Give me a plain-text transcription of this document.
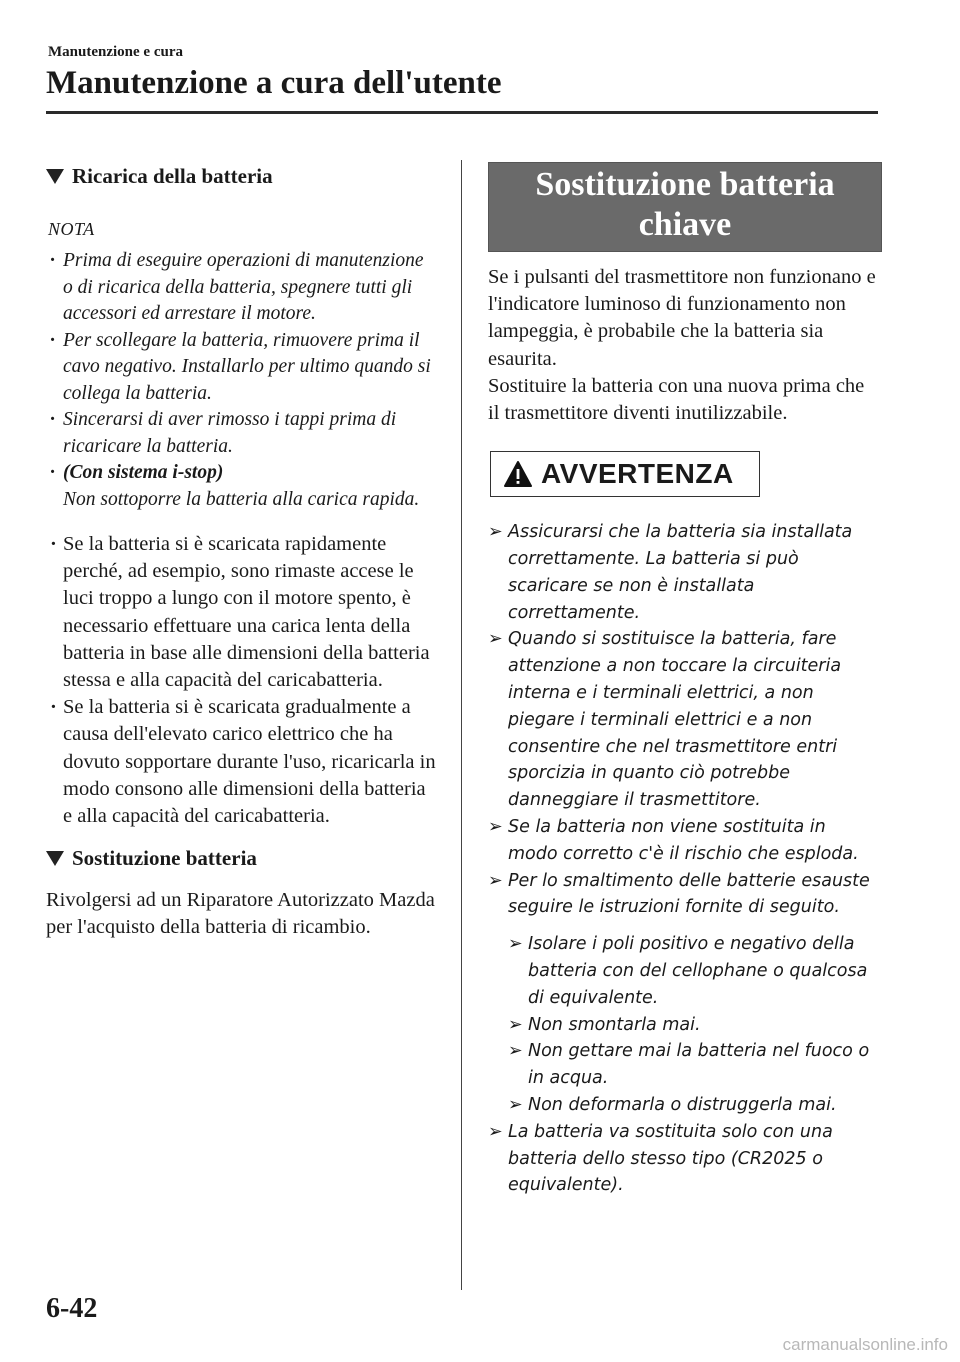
Manutenzione e cura
Manutenzione a cura dell'utente
Ricarica della batteria
NOTA
· Prima di eseguire operazioni di manutenzione o di ricarica della batteria, spegnere tutti gli accessori ed arrestare il motore.
· Per scollegare la batteria, rimuovere prima il cavo negativo. Installarlo per ultimo quando si collega la batteria.
· Sincerarsi di aver rimosso i tappi prima di ricaricare la batteria.
· (Con sistema i-stop)
Non sottoporre la batteria alla carica rapida.
· Se la batteria si è scaricata rapidamente perché, ad esempio, sono rimaste accese le luci troppo a lungo con il motore spento, è necessario effettuare una carica lenta della batteria in base alle dimensioni della batteria stessa e alla capacità del caricabatteria.
· Se la batteria si è scaricata gradualmente a causa dell'elevato carico elettrico che ha dovuto sopportare durante l'uso, ricaricarla in modo consono alle dimensioni della batteria e alla capacità del caricabatteria.
Sostituzione batteria

Rivolgersi ad un Riparatore Autorizzato Mazda per l'acquisto della batteria di ricambio.

Sostituzione batteria
chiave

Se i pulsanti del trasmettitore non funzionano e l'indicatore luminoso di funzionamento non lampeggia, è probabile che la batteria sia esaurita.

Sostituire la batteria con una nuova prima che il trasmettitore diventi inutilizzabile.

AVVERTENZA
➢ Assicurarsi che la batteria sia installata correttamente. La batteria si può scaricare se non è installata correttamente.
➢ Quando si sostituisce la batteria, fare attenzione a non toccare la circuiteria interna e i terminali elettrici, a non piegare i terminali elettrici e a non consentire che nel trasmettitore entri sporcizia in quanto ciò potrebbe danneggiare il trasmettitore.
➢ Se la batteria non viene sostituita in modo corretto c'è il rischio che esploda.
➢ Per lo smaltimento delle batterie esauste seguire le istruzioni fornite di seguito.
➢ Isolare i poli positivo e negativo della batteria con del cellophane o qualcosa di equivalente.
➢ Non smontarla mai.
➢ Non gettare mai la batteria nel fuoco o in acqua.
➢ Non deformarla o distruggerla mai.
➢ La batteria va sostituita solo con una batteria dello stesso tipo (CR2025 o equivalente).
6-42
carmanualsonline.info
